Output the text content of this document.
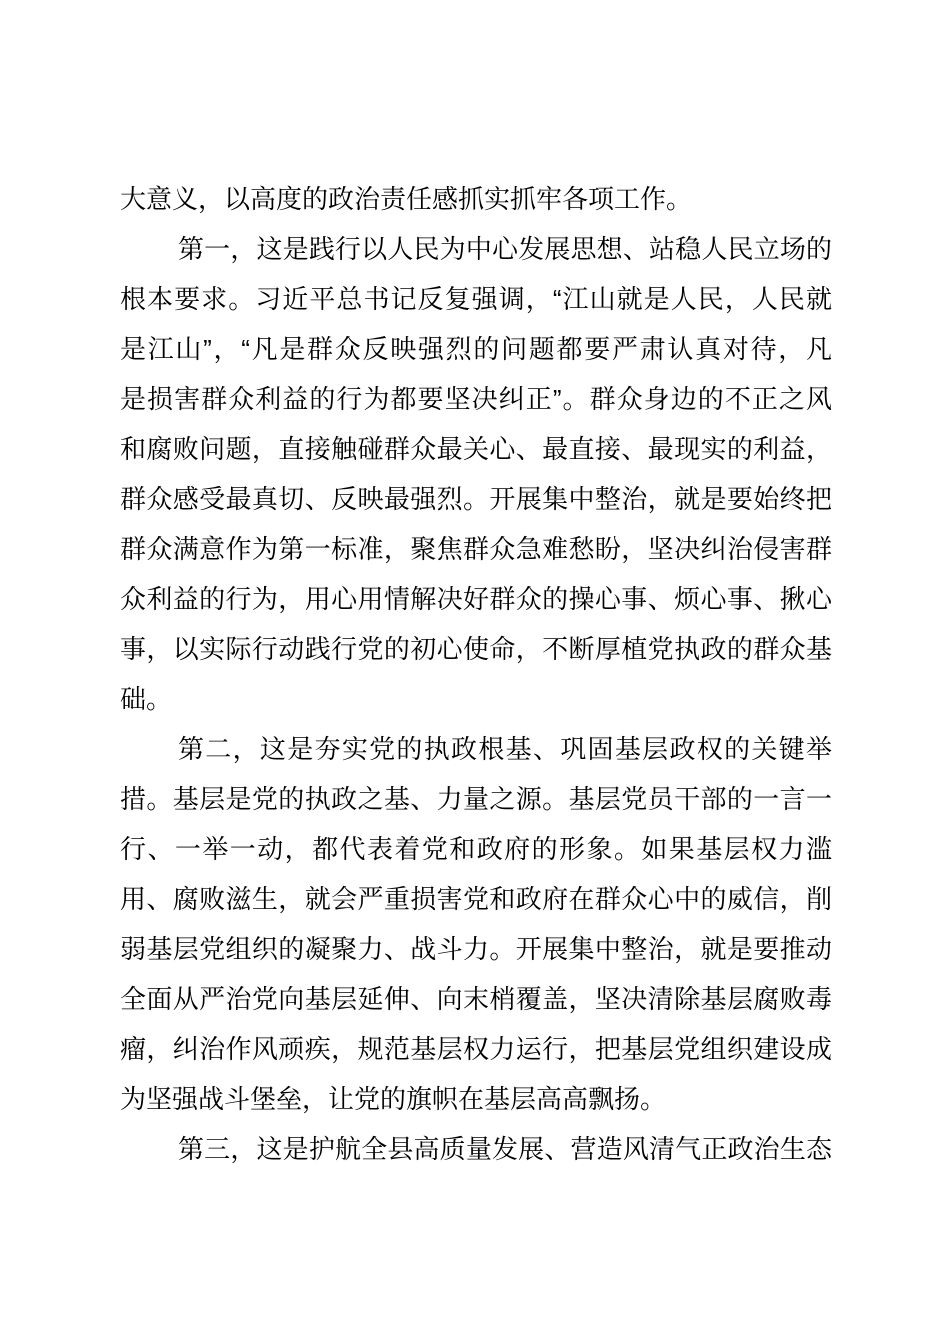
大意义，以高度的政治责任感抓实抓牢各项工作。
第一，这是践行以人民为中心发展思想、站稳人民立场的
根本要求。习近平总书记反复强调，“江山就是人民，人民就
是江山”，“凡是群众反映强烈的问题都要严肃认真对待，凡
是损害群众利益的行为都要坚决纠正”。群众身边的不正之风
和腐败问题，直接触碰群众最关心、最直接、最现实的利益，
群众感受最真切、反映最强烈。开展集中整治，就是要始终把
群众满意作为第一标准，聚焦群众急难愁盼，坚决纠治侵害群
众利益的行为，用心用情解决好群众的操心事、烦心事、揪心
事，以实际行动践行党的初心使命，不断厚植党执政的群众基
础。
第二，这是夯实党的执政根基、巩固基层政权的关键举
措。基层是党的执政之基、力量之源。基层党员干部的一言一
行、一举一动，都代表着党和政府的形象。如果基层权力滥
用、腐败滋生，就会严重损害党和政府在群众心中的威信，削
弱基层党组织的凝聚力、战斗力。开展集中整治，就是要推动
全面从严治党向基层延伸、向末梢覆盖，坚决清除基层腐败毒
瘤，纠治作风顽疾，规范基层权力运行，把基层党组织建设成
为坚强战斗堡垒，让党的旗帜在基层高高飘扬。
第三，这是护航全县高质量发展、营造风清气正政治生态
